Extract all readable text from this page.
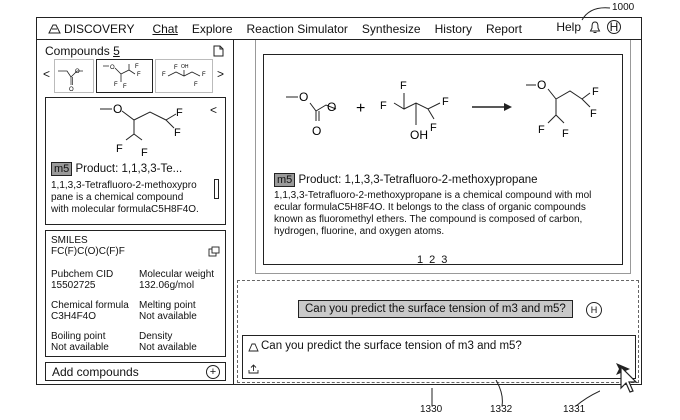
1000
DISCOVERY Chat Explore Reaction Simulator Synthesize History Report	Help H
Compounds 5
<	O
O
O
F
F
F F
OH
F
F
F
F
>
O
F F
F
F
<
m5 Product: 1,1,3,3-Te...
1,1,3,3-Tetrafluoro-2-methoxypro
pane is a chemical compound
with molecular formulaC5H8F4O.
SMILES
FC(F)C(O)C(F)F
Pubchem CID
15502725
Molecular weight
132.06g/mol
Chemical formula
C3H4F4O
Melting point
Not available
Boiling point
Not available
Density
Not available
Add compounds	+
O
O
O
+ F
F
F
F
OH
O
F F
F
F
m5 Product: 1,1,3,3-Tetrafluoro-2-methoxypropane
1,1,3,3-Tetrafluoro-2-methoxypropane is a chemical compound with mol
ecular formulaC5H8F4O. It belongs to the class of organic compounds
known as fluoromethyl ethers. The compound is composed of carbon,
hydrogen, fluorine, and oxygen atoms.
1 2 3
Can you predict the surface tension of m3 and m5?	H
Can you predict the surface tension of m3 and m5?
1330	1332	1331
